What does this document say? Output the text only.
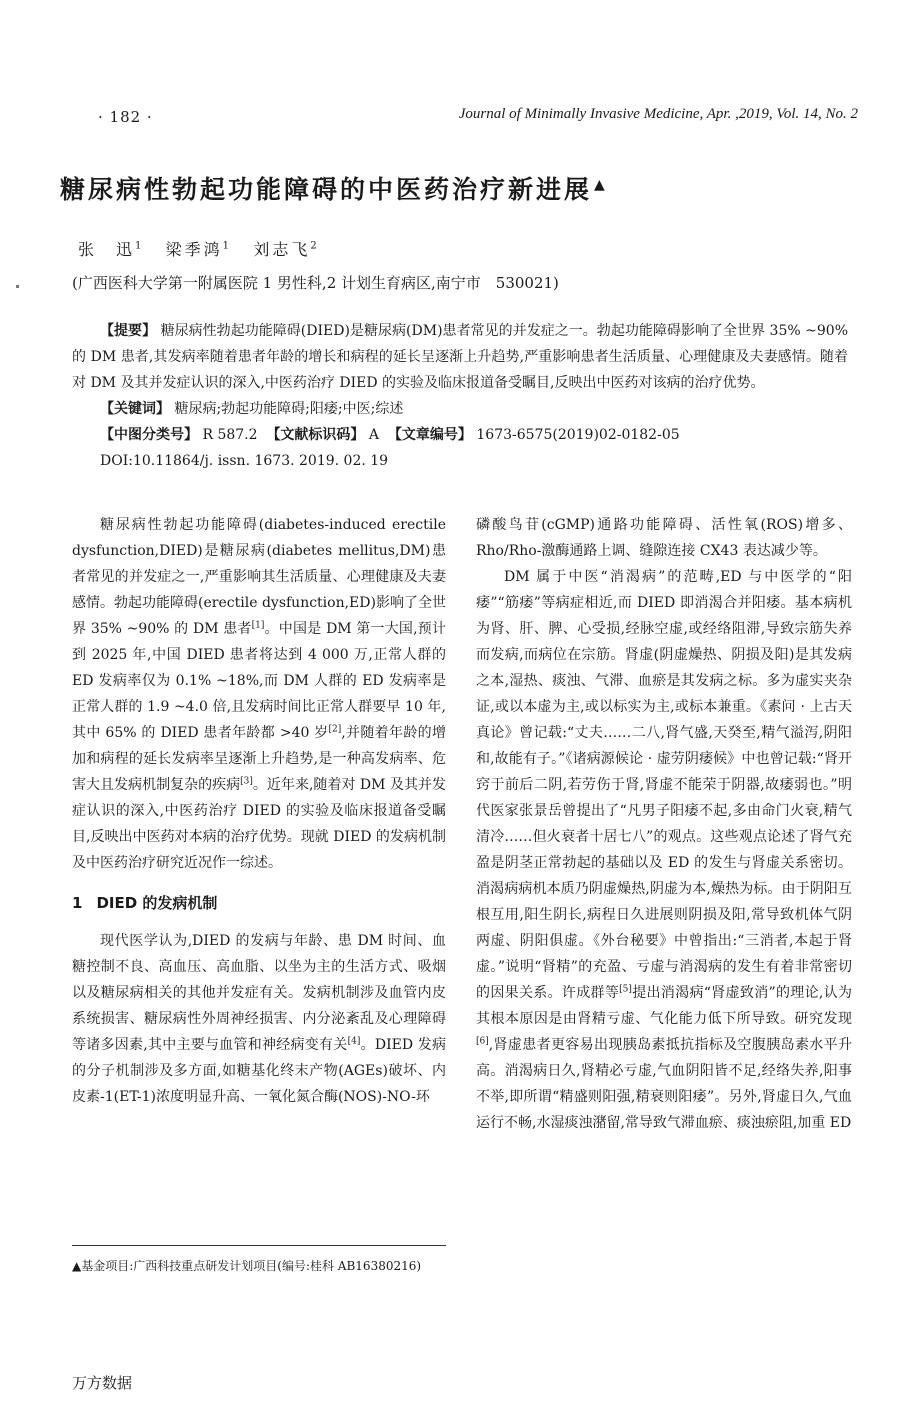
· 182 ·	Journal of Minimally Invasive Medicine, Apr. ,2019, Vol. 14, No. 2
糖尿病性勃起功能障碍的中医药治疗新进展 ▲
张　迅$^1$ 梁季鸿$^1$ 刘志飞$^2$
(广西医科大学第一附属医院 1 男性科,2 计划生育病区,南宁市　530021)

【提要】 糖尿病性勃起功能障碍(DIED)是糖尿病(DM)患者常见的并发症之一。勃起功能障碍影响了全世界 35% ~90% 的 DM 患者,其发病率随着患者年龄的增长和病程的延长呈逐渐上升趋势,严重影响患者生活质量、心理健康及夫妻感情。随着对 DM 及其并发症认识的深入,中医药治疗 DIED 的实验及临床报道备受瞩目,反映出中医药对该病的治疗优势。

【关键词】 糖尿病;勃起功能障碍;阳痿;中医;综述
【中图分类号】 R 587.2 【文献标识码】 A 【文章编号】 1673-6575(2019)02-0182-05
DOI:10.11864/j. issn. 1673. 2019. 02. 19

糖尿病性勃起功能障碍(diabetes-induced erectile dysfunction,DIED)是糖尿病(diabetes mellitus,DM)患者常见的并发症之一,严重影响其生活质量、心理健康及夫妻感情。勃起功能障碍(erectile dysfunction,ED)影响了全世界 35% ~90% 的 DM 患者[1]。中国是 DM 第一大国,预计到 2025 年,中国 DIED 患者将达到 4 000 万,正常人群的 ED 发病率仅为 0.1% ~18%,而 DM 人群的 ED 发病率是正常人群的 1.9 ~4.0 倍,且发病时间比正常人群要早 10 年,其中 65% 的 DIED 患者年龄都 >40 岁[2],并随着年龄的增加和病程的延长发病率呈逐渐上升趋势,是一种高发病率、危害大且发病机制复杂的疾病[3]。近年来,随着对 DM 及其并发症认识的深入,中医药治疗 DIED 的实验及临床报道备受瞩目,反映出中医药对本病的治疗优势。现就 DIED 的发病机制及中医药治疗研究近况作一综述。

1 DIED 的发病机制

现代医学认为,DIED 的发病与年龄、患 DM 时间、血糖控制不良、高血压、高血脂、以坐为主的生活方式、吸烟以及糖尿病相关的其他并发症有关。发病机制涉及血管内皮系统损害、糖尿病性外周神经损害、内分泌紊乱及心理障碍等诸多因素,其中主要与血管和神经病变有关[4]。DIED 发病的分子机制涉及多方面,如糖基化终末产物(AGEs)破坏、内皮素-1(ET-1)浓度明显升高、一氧化氮合酶(NOS)-NO-环

磷酸鸟苷(cGMP)通路功能障碍、活性氧(ROS)增多、Rho/Rho-激酶通路上调、缝隙连接 CX43 表达减少等。

DM 属于中医“消渴病”的范畴,ED 与中医学的“阳痿”“筋痿”等病症相近,而 DIED 即消渴合并阳痿。基本病机为肾、肝、脾、心受损,经脉空虚,或经络阻滞,导致宗筋失养而发病,而病位在宗筋。肾虚(阴虚燥热、阴损及阳)是其发病之本,湿热、痰浊、气滞、血瘀是其发病之标。多为虚实夹杂证,或以本虚为主,或以标实为主,或标本兼重。《素问 · 上古天真论》曾记载:“丈夫……二八,肾气盛,天癸至,精气溢泻,阴阳和,故能有子。”《诸病源候论 · 虚劳阴痿候》中也曾记载:“肾开窍于前后二阴,若劳伤于肾,肾虚不能荣于阴器,故痿弱也。”明代医家张景岳曾提出了“凡男子阳痿不起,多由命门火衰,精气清冷……但火衰者十居七八”的观点。这些观点论述了肾气充盈是阴茎正常勃起的基础以及 ED 的发生与肾虚关系密切。消渴病病机本质乃阴虚燥热,阴虚为本,燥热为标。由于阴阳互根互用,阳生阴长,病程日久进展则阴损及阳,常导致机体气阴两虚、阴阳俱虚。《外台秘要》中曾指出:“三消者,本起于肾虚。”说明“肾精”的充盈、亏虚与消渴病的发生有着非常密切的因果关系。许成群等[5]提出消渴病“肾虚致消”的理论,认为其根本原因是由肾精亏虚、气化能力低下所导致。研究发现[6],肾虚患者更容易出现胰岛素抵抗指标及空腹胰岛素水平升高。消渴病日久,肾精必亏虚,气血阴阳皆不足,经络失养,阳事不举,即所谓“精盛则阳强,精衰则阳痿”。另外,肾虚日久,气血运行不畅,水湿痰浊潴留,常导致气滞血瘀、痰浊瘀阻,加重 ED

▲基金项目:广西科技重点研发计划项目(编号:桂科 AB16380216)
万方数据
